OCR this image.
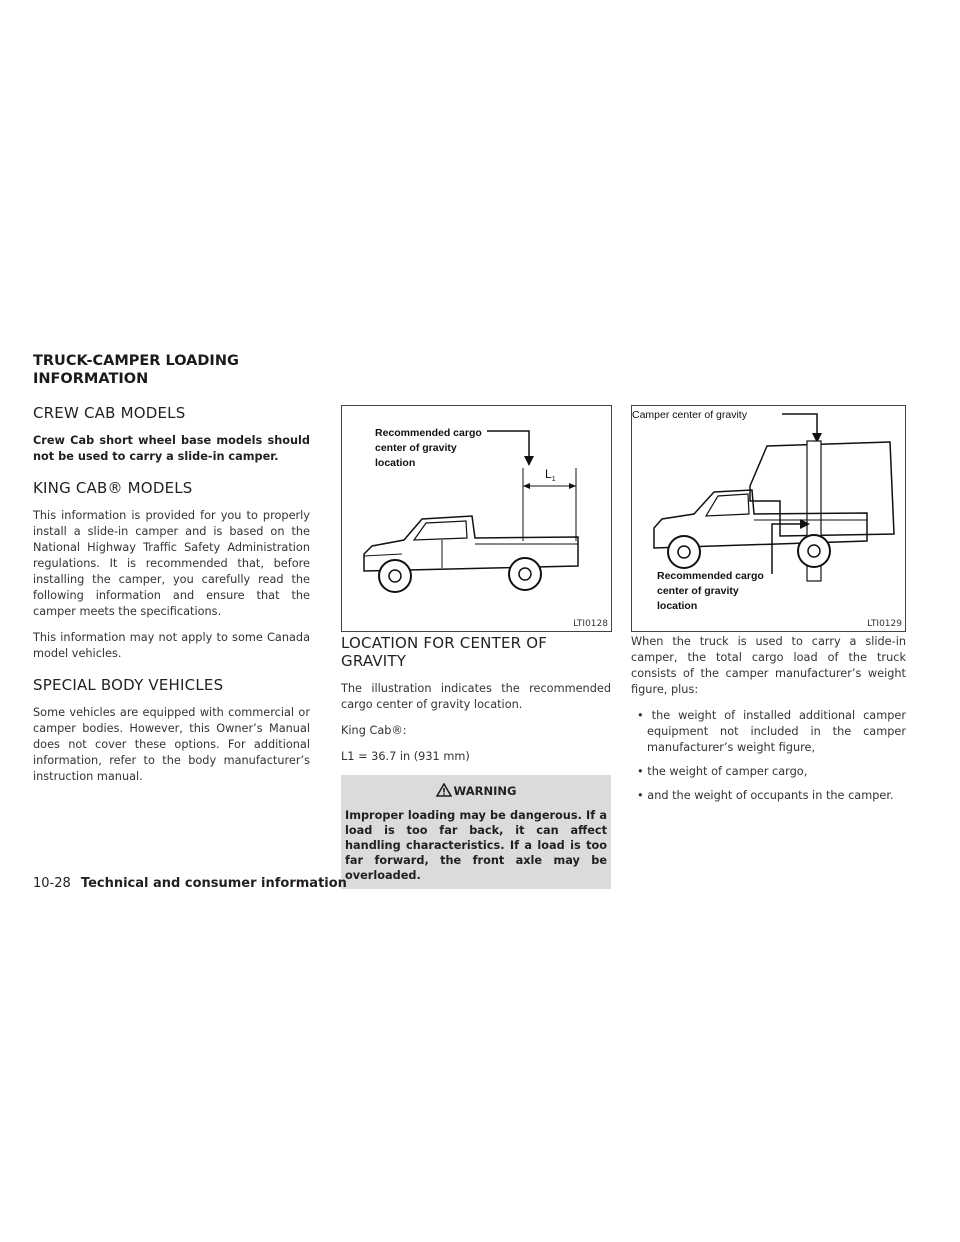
TRUCK-CAMPER LOADING
INFORMATION
CREW CAB MODELS

Crew Cab short wheel base models should not be used to carry a slide-in camper.

KING CAB® MODELS

This information is provided for you to properly install a slide-in camper and is based on the National Highway Traffic Safety Administration regulations. It is recommended that, before installing the camper, you carefully read the following information and ensure that the camper meets the specifications.

This information may not apply to some Canada model vehicles.

SPECIAL BODY VEHICLES

Some vehicles are equipped with commercial or camper bodies. However, this Owner’s Manual does not cover these options. For additional information, refer to the body manufacturer’s instruction manual.

Recommended cargo
center of gravity
location
$L_1$
LTI0128
Camper center of gravity
Recommended cargo
center of gravity
location
LTI0129
LOCATION FOR CENTER OF GRAVITY

The illustration indicates the recommended cargo center of gravity location.

King Cab®:

L1 = 36.7 in (931 mm)

WARNING

Improper loading may be dangerous. If a load is too far back, it can affect handling characteristics. If a load is too far forward, the front axle may be overloaded.

When the truck is used to carry a slide-in camper, the total cargo load of the truck consists of the camper manufacturer’s weight figure, plus:

• the weight of installed additional camper equipment not included in the camper manufacturer’s weight figure,
• the weight of camper cargo,
• and the weight of occupants in the camper.
10-28 Technical and consumer information
